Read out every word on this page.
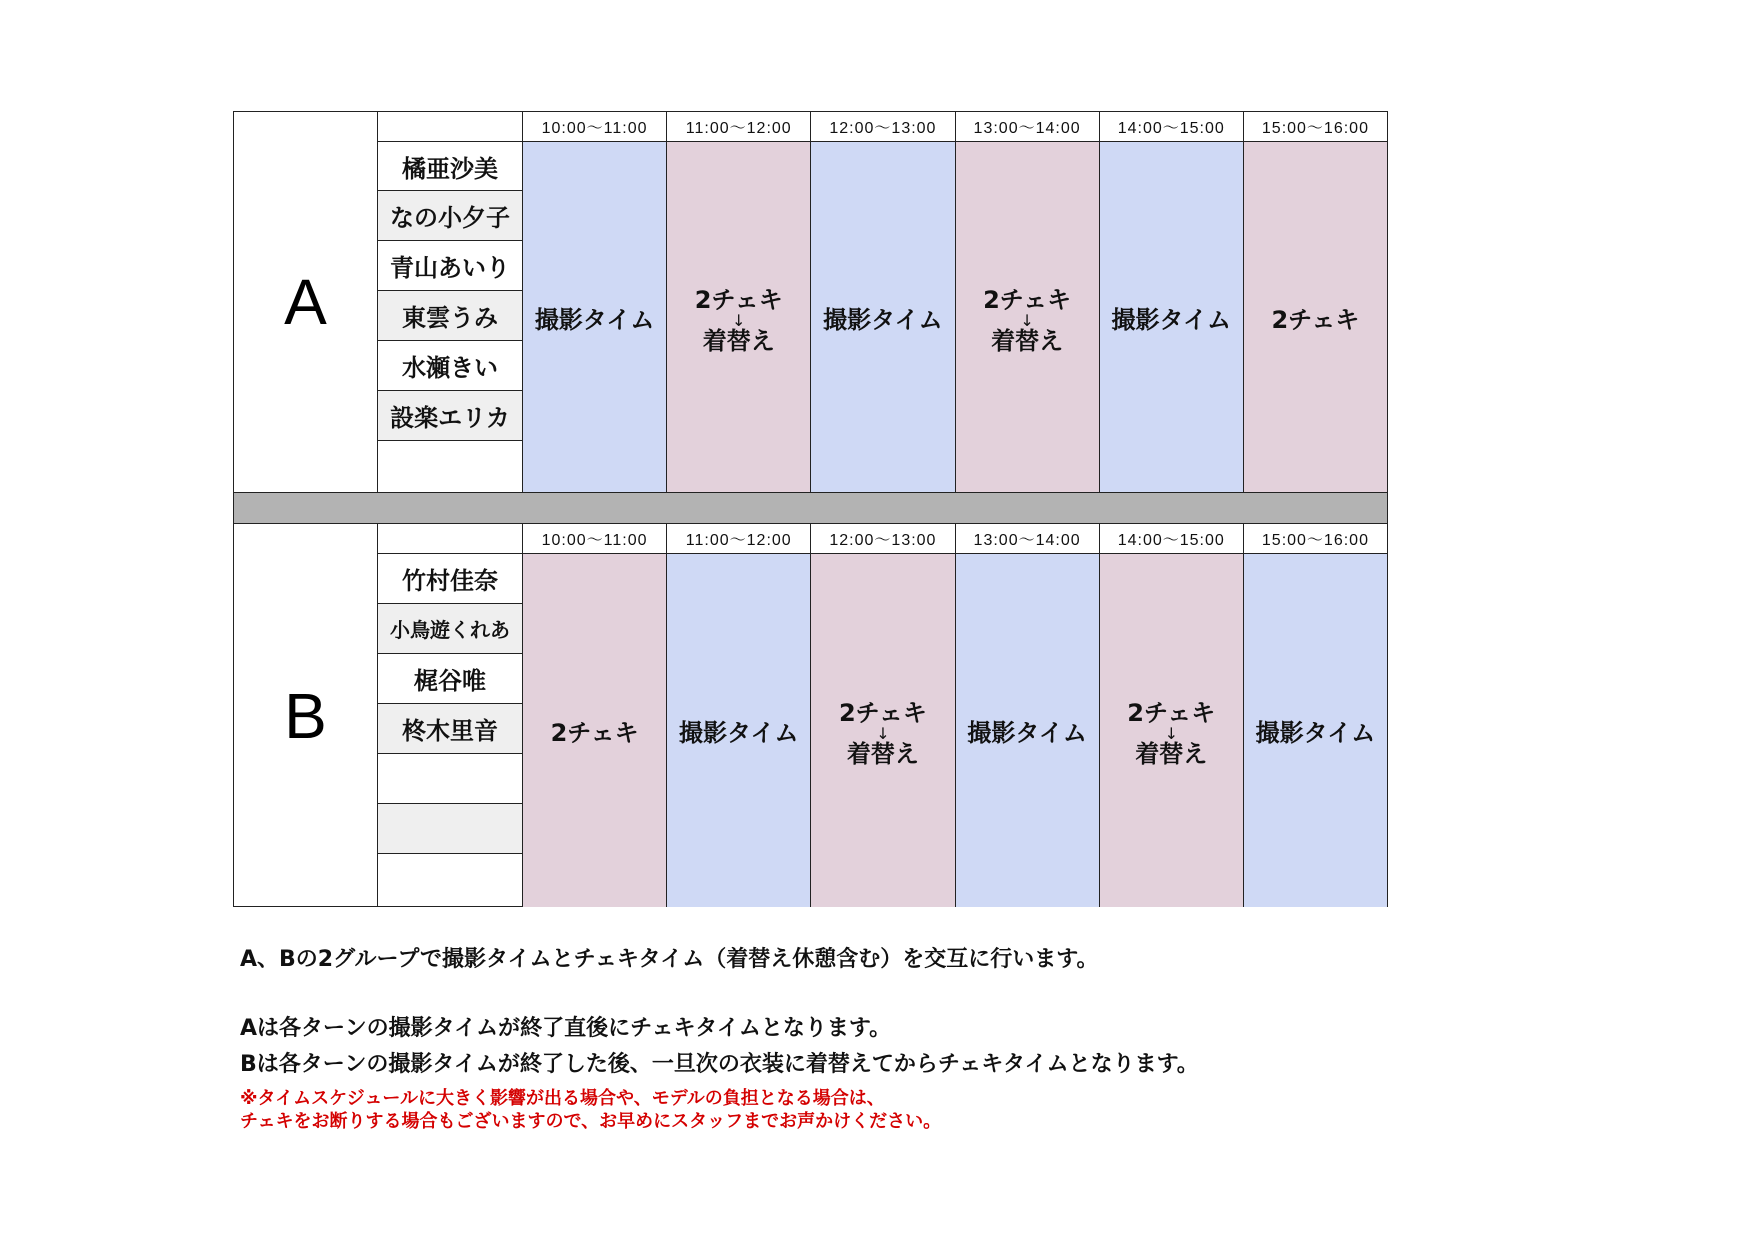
A
橘亜沙美
なの小夕子
青山あいり
東雲うみ
水瀬きい
設楽エリカ
10:00〜11:00
撮影タイム
11:00〜12:00
2チェキ
↓
着替え
12:00〜13:00
撮影タイム
13:00〜14:00
2チェキ
↓
着替え
14:00〜15:00
撮影タイム
15:00〜16:00
2チェキ
B
竹村佳奈
小鳥遊くれあ
梶谷唯
柊木里音
10:00〜11:00
2チェキ
11:00〜12:00
撮影タイム
12:00〜13:00
2チェキ
↓
着替え
13:00〜14:00
撮影タイム
14:00〜15:00
2チェキ
↓
着替え
15:00〜16:00
撮影タイム
A、Bの2グループで撮影タイムとチェキタイム（着替え休憩含む）を交互に行います。
Aは各ターンの撮影タイムが終了直後にチェキタイムとなります。
Bは各ターンの撮影タイムが終了した後、一旦次の衣装に着替えてからチェキタイムとなります。
※タイムスケジュールに大きく影響が出る場合や、モデルの負担となる場合は、
チェキをお断りする場合もございますので、お早めにスタッフまでお声かけください。
